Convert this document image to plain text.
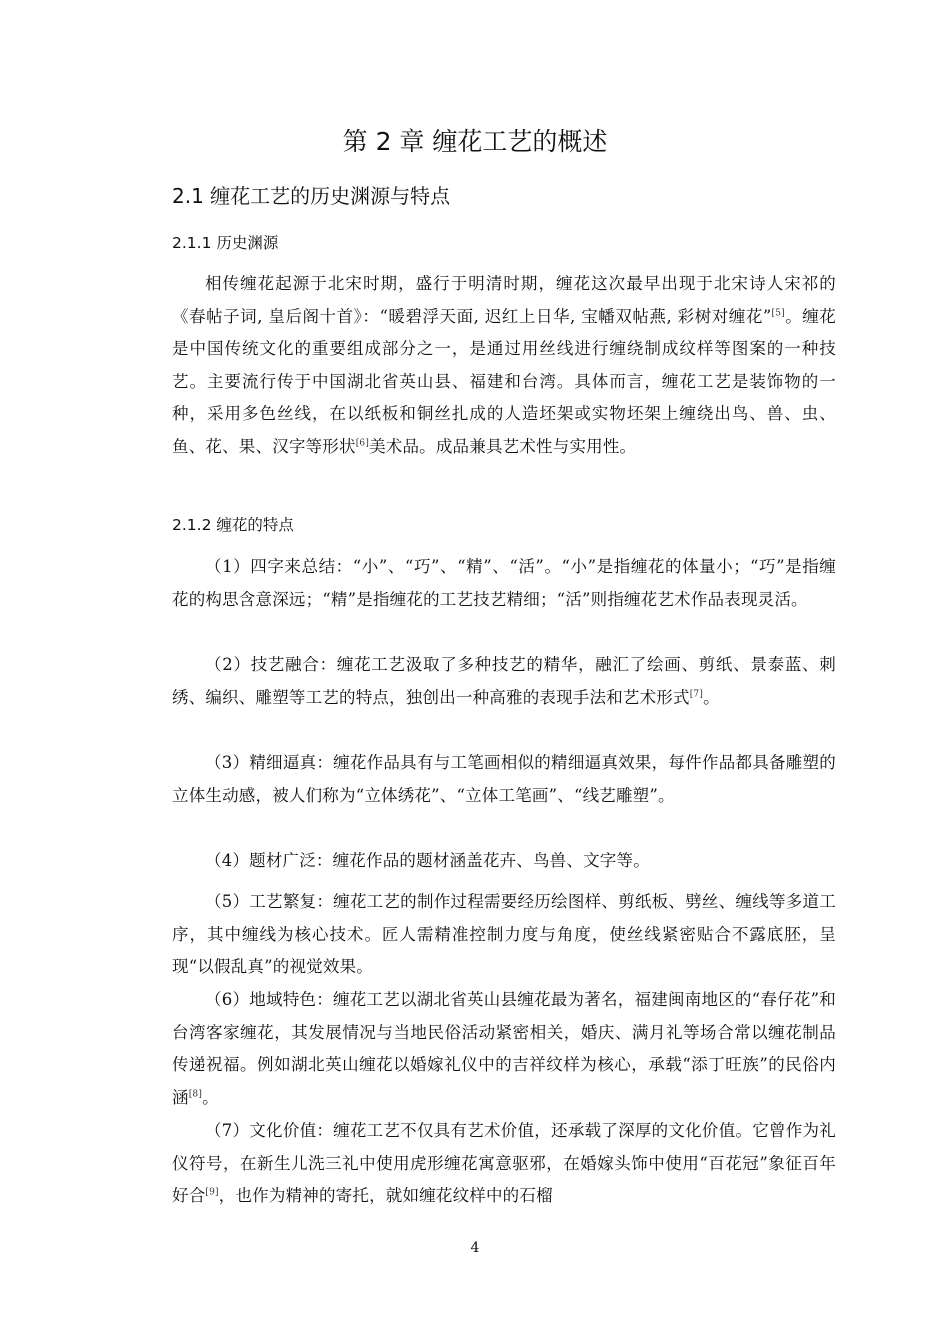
第 2 章 缠花工艺的概述
2.1 缠花工艺的历史渊源与特点
2.1.1 历史渊源

相传缠花起源于北宋时期，盛行于明清时期，缠花这次最早出现于北宋诗人宋祁的《春帖子词, 皇后阁十首》：“暖碧浮天面, 迟红上日华, 宝幡双帖燕, 彩树对缠花”[5]。缠花是中国传统文化的重要组成部分之一，是通过用丝线进行缠绕制成纹样等图案的一种技艺。主要流行传于中国湖北省英山县、福建和台湾。具体而言，缠花工艺是装饰物的一种，采用多色丝线，在以纸板和铜丝扎成的人造坯架或实物坯架上缠绕出鸟、兽、虫、鱼、花、果、汉字等形状[6]美术品。成品兼具艺术性与实用性。

2.1.2 缠花的特点

（1）四字来总结：“小”、“巧”、“精”、“活”。“小”是指缠花的体量小；“巧”是指缠花的构思含意深远；“精”是指缠花的工艺技艺精细；“活”则指缠花艺术作品表现灵活。

（2）技艺融合：缠花工艺汲取了多种技艺的精华，融汇了绘画、剪纸、景泰蓝、刺绣、编织、雕塑等工艺的特点，独创出一种高雅的表现手法和艺术形式[7]。

（3）精细逼真：缠花作品具有与工笔画相似的精细逼真效果，每件作品都具备雕塑的立体生动感，被人们称为“立体绣花”、“立体工笔画”、“线艺雕塑”。

（4）题材广泛：缠花作品的题材涵盖花卉、鸟兽、文字等。

（5）工艺繁复：缠花工艺的制作过程需要经历绘图样、剪纸板、劈丝、缠线等多道工序，其中缠线为核心技术。匠人需精准控制力度与角度，使丝线紧密贴合不露底胚，呈现“以假乱真”的视觉效果。

（6）地域特色：缠花工艺以湖北省英山县缠花最为著名，福建闽南地区的“春仔花”和台湾客家缠花，其发展情况与当地民俗活动紧密相关，婚庆、满月礼等场合常以缠花制品传递祝福。例如湖北英山缠花以婚嫁礼仪中的吉祥纹样为核心，承载“添丁旺族”的民俗内涵[8]。

（7）文化价值：缠花工艺不仅具有艺术价值，还承载了深厚的文化价值。它曾作为礼仪符号，在新生儿洗三礼中使用虎形缠花寓意驱邪，在婚嫁头饰中使用“百花冠”象征百年好合[9]，也作为精神的寄托，就如缠花纹样中的石榴

4
